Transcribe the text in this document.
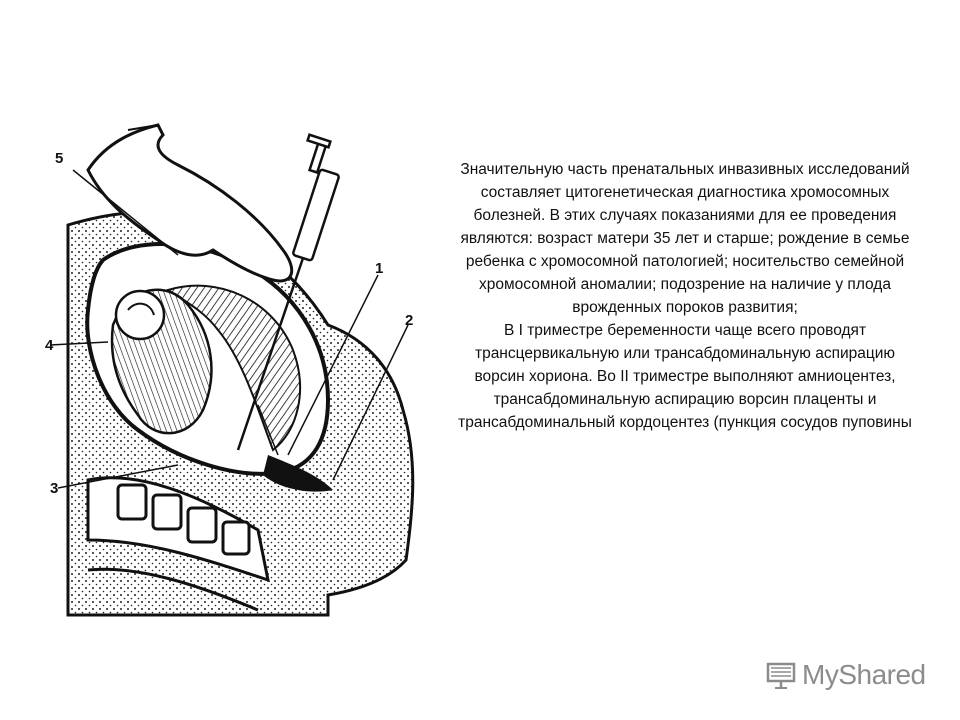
5
4
3
1
2

Значительную часть пренатальных инвазивных исследований составляет цитогенетическая диагностика хромосомных болезней. В этих случаях показаниями для ее проведения являются: возраст матери 35 лет и старше; рождение в семье ребенка с хромосомной патологией; носительство семейной хромосомной аномалии; подозрение на наличие у плода врожденных пороков развития;

В I триместре беременности чаще всего проводят трансцервикальную или трансабдоминальную аспирацию ворсин хориона. Во II триместре выполняют амниоцентез, трансабдоминальную аспирацию ворсин плаценты и трансабдоминальный кордоцентез (пункция сосудов пуповины

MyShared
